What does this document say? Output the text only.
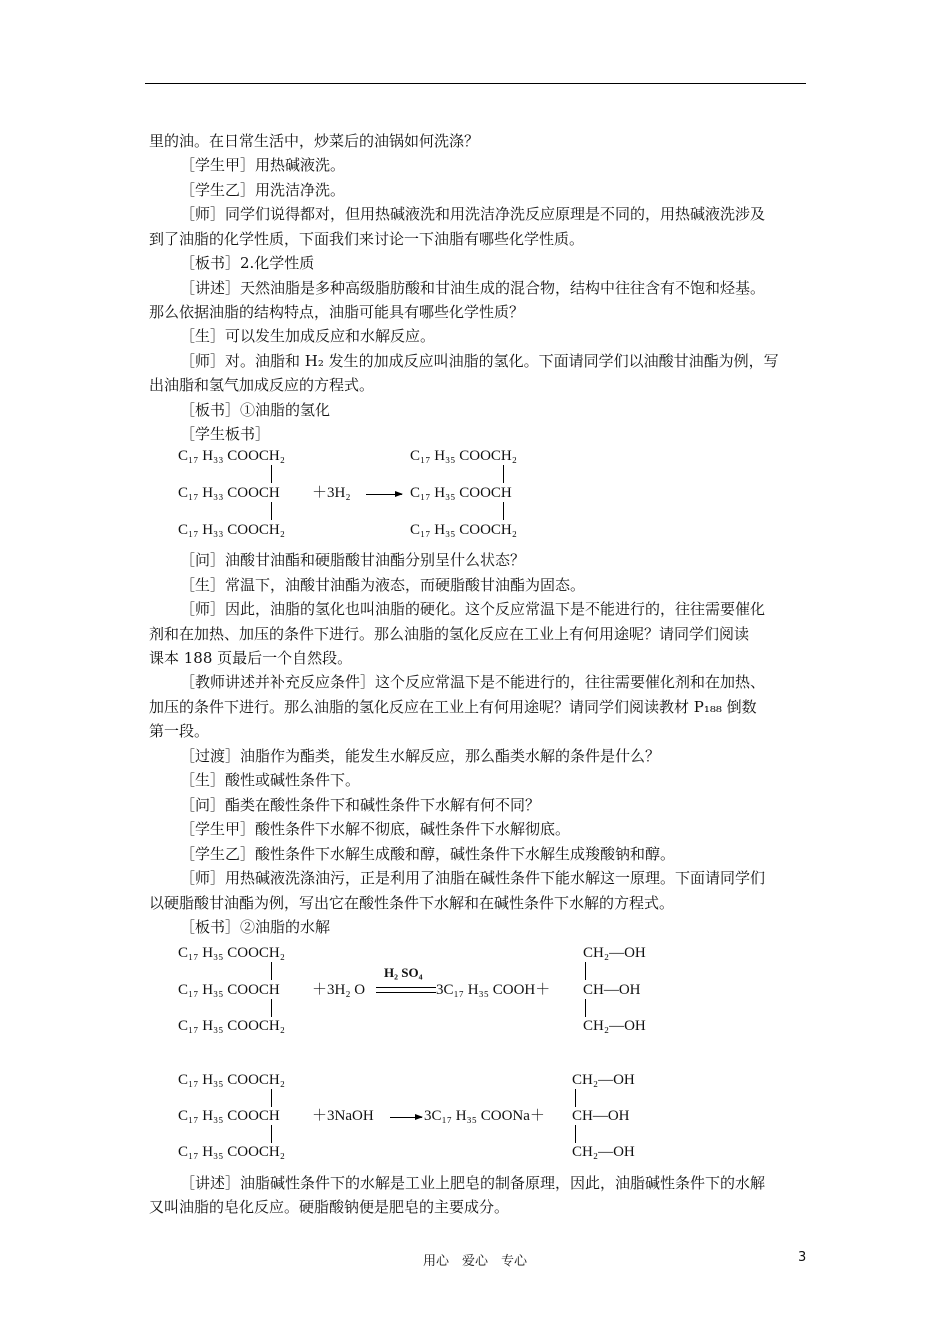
里的油。在日常生活中，炒菜后的油锅如何洗涤？
［学生甲］用热碱液洗。
［学生乙］用洗洁净洗。
［师］同学们说得都对，但用热碱液洗和用洗洁净洗反应原理是不同的，用热碱液洗涉及
到了油脂的化学性质，下面我们来讨论一下油脂有哪些化学性质。
［板书］2.化学性质
［讲述］天然油脂是多种高级脂肪酸和甘油生成的混合物，结构中往往含有不饱和烃基。
那么依据油脂的结构特点，油脂可能具有哪些化学性质？
［生］可以发生加成反应和水解反应。
［师］对。油脂和 H₂ 发生的加成反应叫油脂的氢化。下面请同学们以油酸甘油酯为例，写
出油脂和氢气加成反应的方程式。
［板书］①油脂的氢化
［学生板书］
C₁₇ H₃₃ COOCH₂
C₁₇ H₃₃ COOCH
C₁₇ H₃₃ COOCH₂
＋3H₂
C₁₇ H₃₅ COOCH₂
C₁₇ H₃₅ COOCH
C₁₇ H₃₅ COOCH₂
［问］油酸甘油酯和硬脂酸甘油酯分别呈什么状态？
［生］常温下，油酸甘油酯为液态，而硬脂酸甘油酯为固态。
［师］因此，油脂的氢化也叫油脂的硬化。这个反应常温下是不能进行的，往往需要催化
剂和在加热、加压的条件下进行。那么油脂的氢化反应在工业上有何用途呢？请同学们阅读
课本 188 页最后一个自然段。
［教师讲述并补充反应条件］这个反应常温下是不能进行的，往往需要催化剂和在加热、
加压的条件下进行。那么油脂的氢化反应在工业上有何用途呢？请同学们阅读教材 P₁₈₈ 倒数
第一段。
［过渡］油脂作为酯类，能发生水解反应，那么酯类水解的条件是什么？
［生］酸性或碱性条件下。
［问］酯类在酸性条件下和碱性条件下水解有何不同？
［学生甲］酸性条件下水解不彻底，碱性条件下水解彻底。
［学生乙］酸性条件下水解生成酸和醇，碱性条件下水解生成羧酸钠和醇。
［师］用热碱液洗涤油污，正是利用了油脂在碱性条件下能水解这一原理。下面请同学们
以硬脂酸甘油酯为例，写出它在酸性条件下水解和在碱性条件下水解的方程式。
［板书］②油脂的水解
C₁₇ H₃₅ COOCH₂
C₁₇ H₃₅ COOCH
C₁₇ H₃₅ COOCH₂
＋3H₂ O
H₂ SO₄
3C₁₇ H₃₅ COOH＋
CH₂—OH
CH—OH
CH₂—OH
C₁₇ H₃₅ COOCH₂
C₁₇ H₃₅ COOCH
C₁₇ H₃₅ COOCH₂
＋3NaOH	3C₁₇ H₃₅ COONa＋
CH₂—OH
CH—OH
CH₂—OH
［讲述］油脂碱性条件下的水解是工业上肥皂的制备原理，因此，油脂碱性条件下的水解
又叫油脂的皂化反应。硬脂酸钠便是肥皂的主要成分。
用心　爱心　专心	3
